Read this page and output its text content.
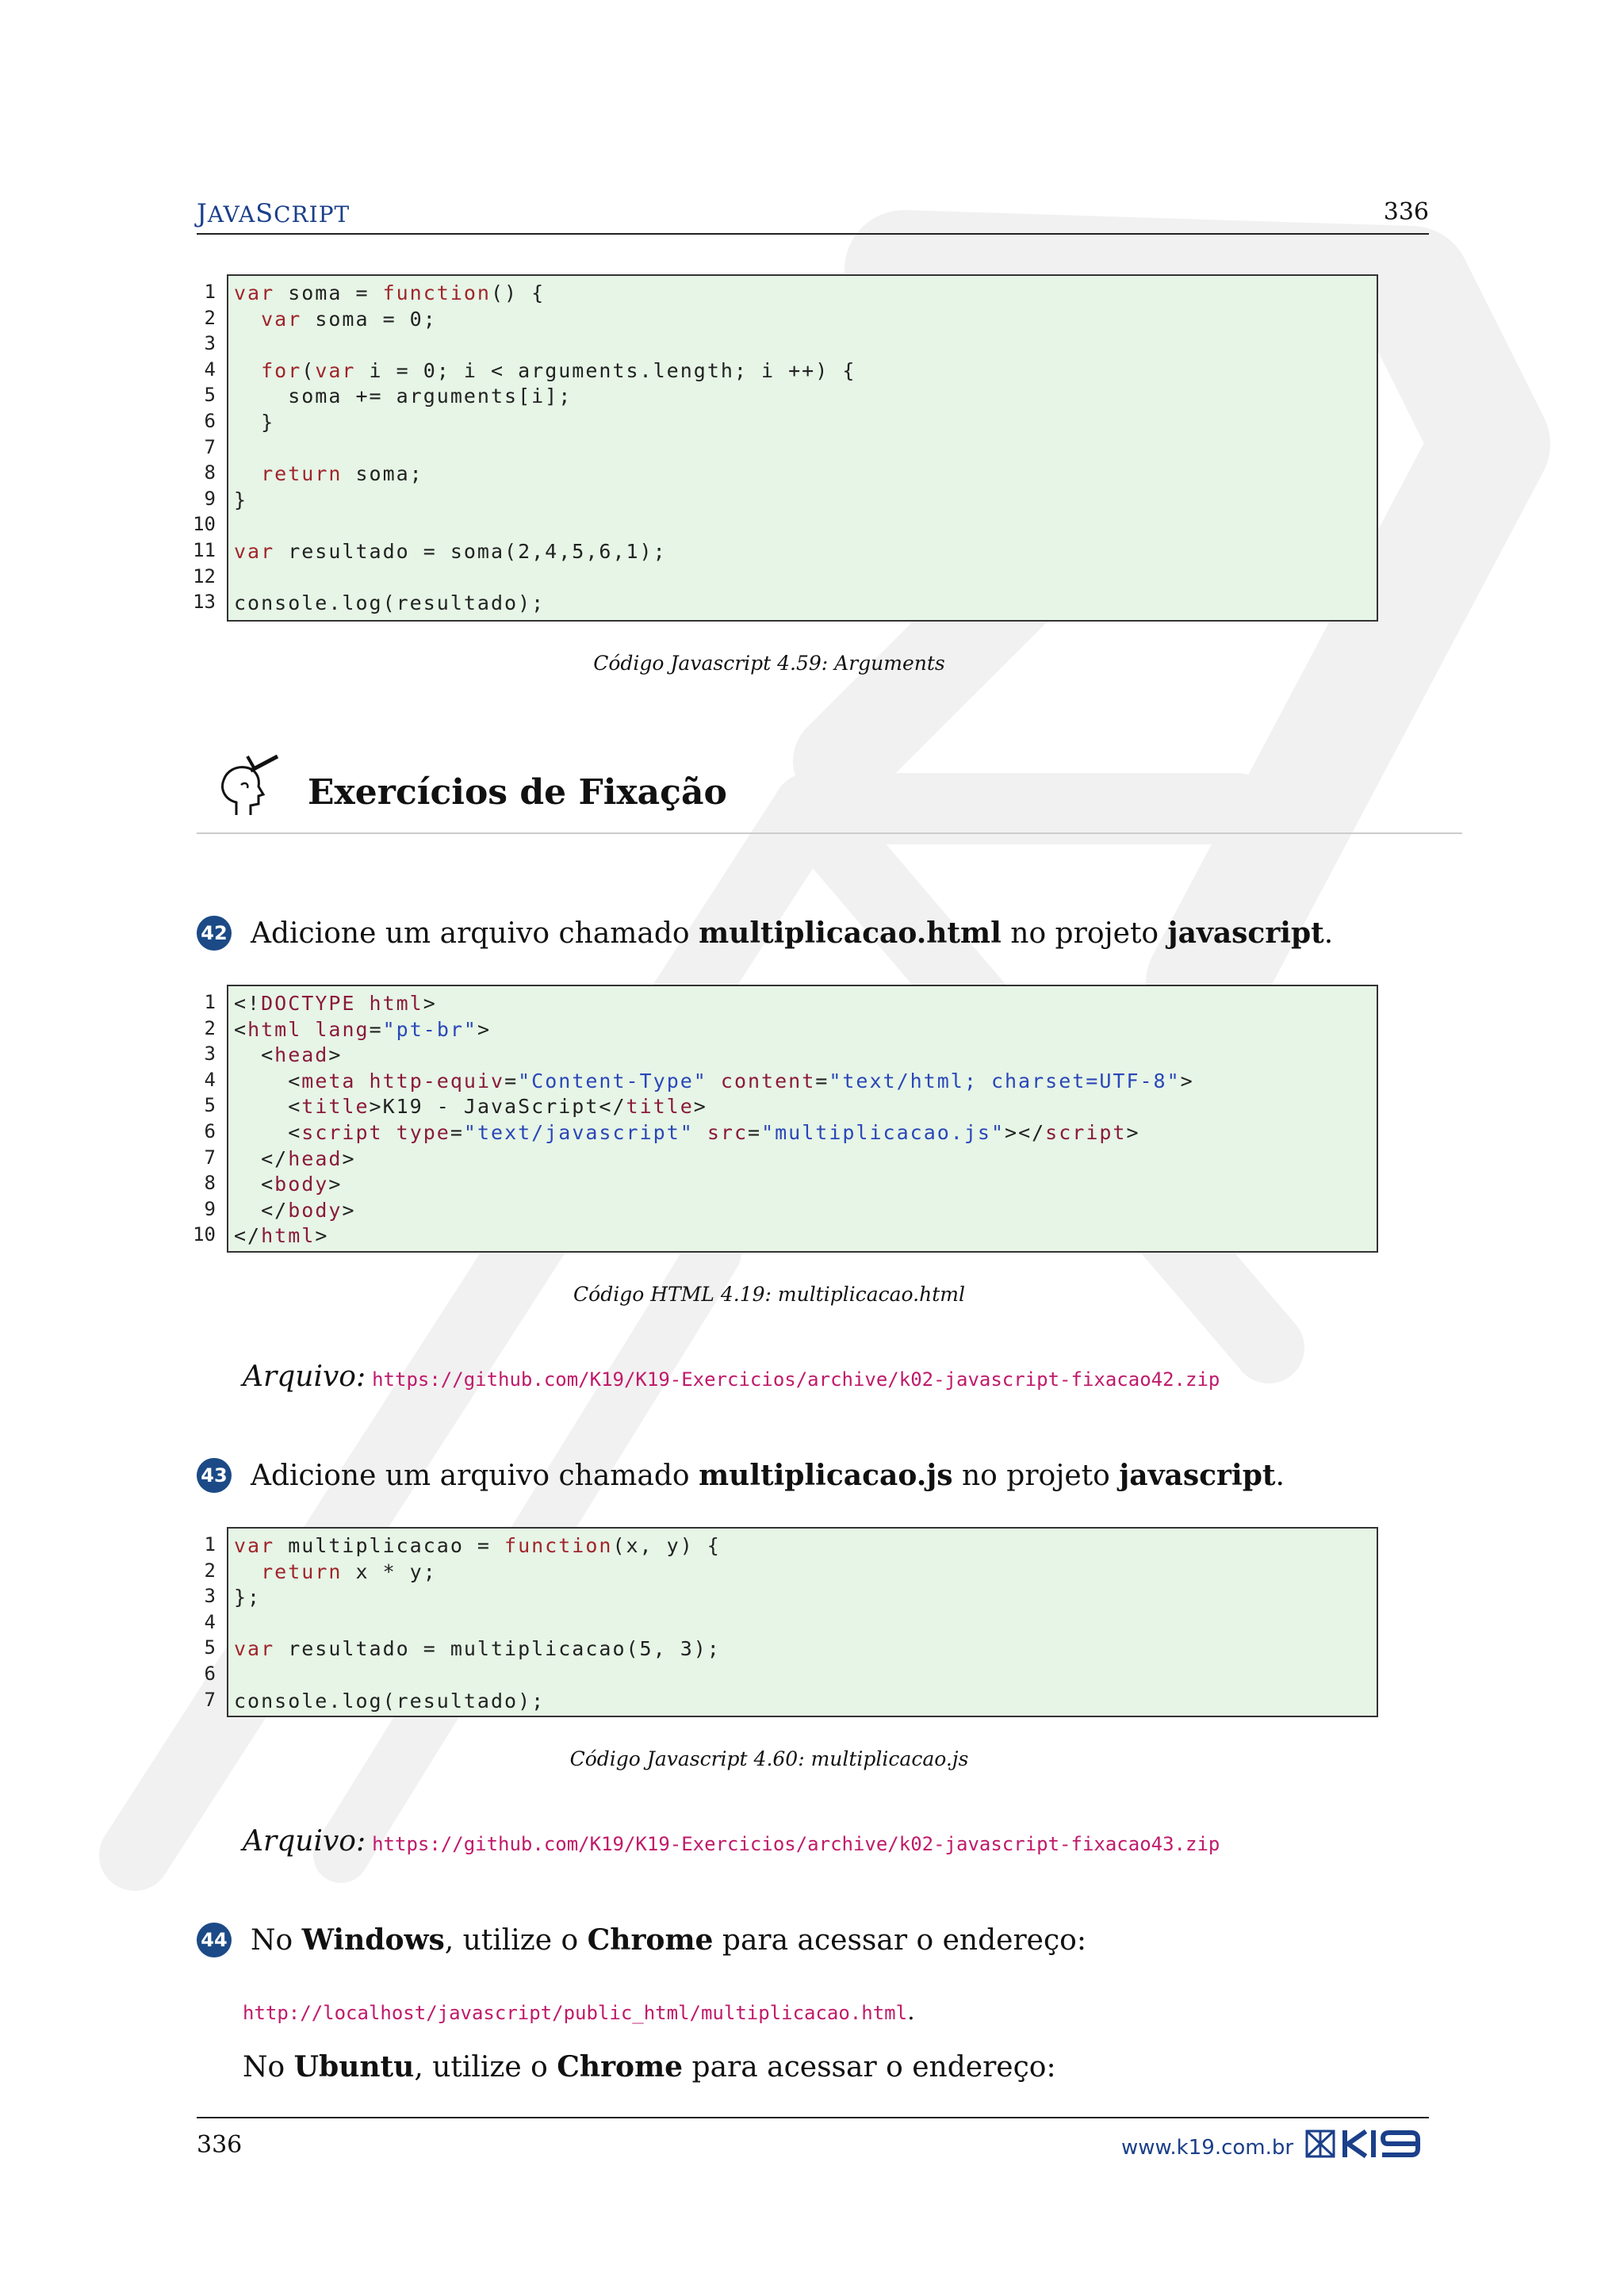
JAVASCRIPT	336
1
2
3
4
5
6
7
8
9
10
11
12
13
var soma = function() {
var soma = 0;

for(var i = 0; i < arguments.length; i ++) {
soma += arguments[i];
}

return soma;
}

var resultado = soma(2,4,5,6,1);

console.log(resultado);
Código Javascript 4.59: Arguments
Exercícios de Fixação
42 Adicione um arquivo chamado multiplicacao.html no projeto javascript.
1
2
3
4
5
6
7
8
9
10
<!DOCTYPE html>
<html lang="pt-br">
<head>
<meta http-equiv="Content-Type" content="text/html; charset=UTF-8">
<title>K19 - JavaScript</title>
<script type="text/javascript" src="multiplicacao.js"></script>
</head>
<body>
</body>
</html>
Código HTML 4.19: multiplicacao.html
Arquivo: https://github.com/K19/K19-Exercicios/archive/k02-javascript-fixacao42.zip
43 Adicione um arquivo chamado multiplicacao.js no projeto javascript.
1
2
3
4
5
6
7
var multiplicacao = function(x, y) {
return x * y;
};

var resultado = multiplicacao(5, 3);

console.log(resultado);
Código Javascript 4.60: multiplicacao.js
Arquivo: https://github.com/K19/K19-Exercicios/archive/k02-javascript-fixacao43.zip
44 No Windows, utilize o Chrome para acessar o endereço:
http://localhost/javascript/public_html/multiplicacao.html.
No Ubuntu, utilize o Chrome para acessar o endereço:
336	www.k19.com.br
